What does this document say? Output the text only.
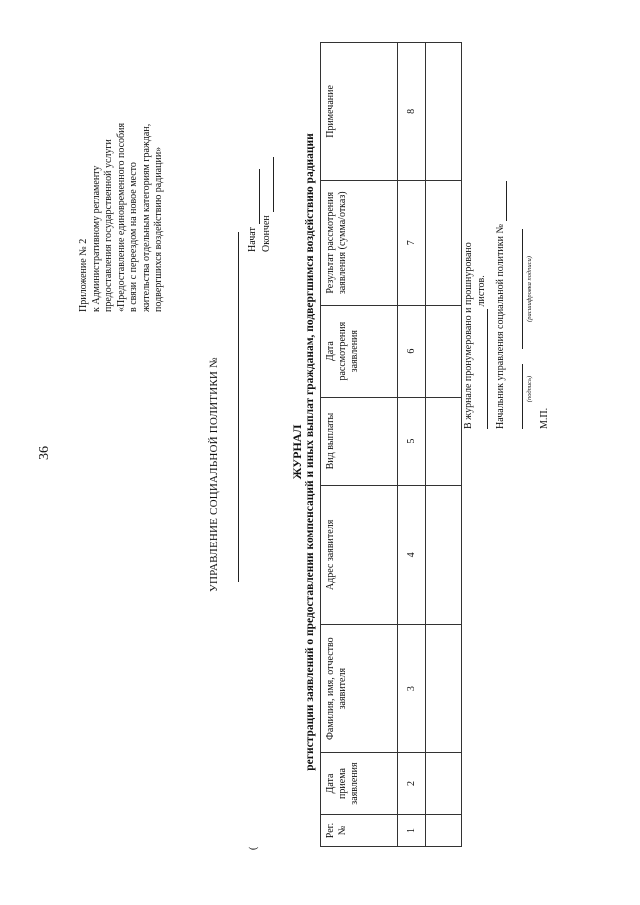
36
Приложение № 2 к Административному регламенту предоставления государственной услуги «Предоставление единовременного пособия в связи с переездом на новое место жительства отдельным категориям граждан, подвергшихся воздействию радиации»
УПРАВЛЕНИЕ СОЦИАЛЬНОЙ ПОЛИТИКИ №
Начат Окончен
(
ЖУРНАЛ регистрации заявлений о предоставлении компенсаций и иных выплат гражданам, подвергшимся воздействию радиации
Рег. №	Дата приема заявления	Фамилия, имя, отчество заявителя	Адрес заявителя	Вид выплаты	Дата рассмотрения заявления	Результат рассмотрения заявления (сумма/отказ)	Примечание
1	2	3	4	5	6	7	8

В журнале пронумеровано и прошнуровано листов. Начальник управления социальной политики №	(подпись)
(расшифровка подписи)
М.П.
